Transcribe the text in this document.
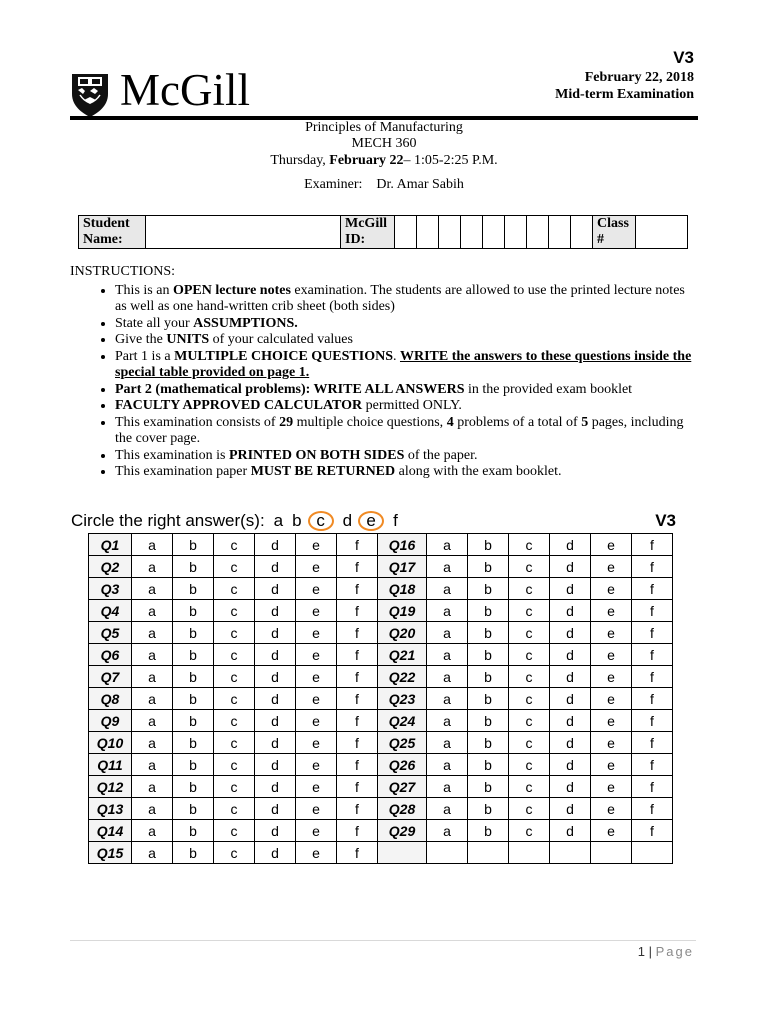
V3
February 22, 2018
Mid-term Examination
McGill
Principles of Manufacturing
MECH 360
Thursday, February 22– 1:05-2:25 P.M.
Examiner: Dr. Amar Sabih
Student
Name:		McGill
ID:										Class
#	
INSTRUCTIONS:
• This is an OPEN lecture notes examination. The students are allowed to use the printed lecture notes as well as one hand-written crib sheet (both sides)
• State all your ASSUMPTIONS.
• Give the UNITS of your calculated values
• Part 1 is a MULTIPLE CHOICE QUESTIONS. WRITE the answers to these questions inside the special table provided on page 1.
• Part 2 (mathematical problems): WRITE ALL ANSWERS in the provided exam booklet
• FACULTY APPROVED CALCULATOR permitted ONLY.
• This examination consists of 29 multiple choice questions, 4 problems of a total of 5 pages, including the cover page.
• This examination is PRINTED ON BOTH SIDES of the paper.
• This examination paper MUST BE RETURNED along with the exam booklet.
Circle the right answer(s): a b c d e f	V3
Q1	a	b	c	d	e	f	Q16	a	b	c	d	e	f
Q2	a	b	c	d	e	f	Q17	a	b	c	d	e	f
Q3	a	b	c	d	e	f	Q18	a	b	c	d	e	f
Q4	a	b	c	d	e	f	Q19	a	b	c	d	e	f
Q5	a	b	c	d	e	f	Q20	a	b	c	d	e	f
Q6	a	b	c	d	e	f	Q21	a	b	c	d	e	f
Q7	a	b	c	d	e	f	Q22	a	b	c	d	e	f
Q8	a	b	c	d	e	f	Q23	a	b	c	d	e	f
Q9	a	b	c	d	e	f	Q24	a	b	c	d	e	f
Q10	a	b	c	d	e	f	Q25	a	b	c	d	e	f
Q11	a	b	c	d	e	f	Q26	a	b	c	d	e	f
Q12	a	b	c	d	e	f	Q27	a	b	c	d	e	f
Q13	a	b	c	d	e	f	Q28	a	b	c	d	e	f
Q14	a	b	c	d	e	f	Q29	a	b	c	d	e	f
Q15	a	b	c	d	e	f							
1 | Page
